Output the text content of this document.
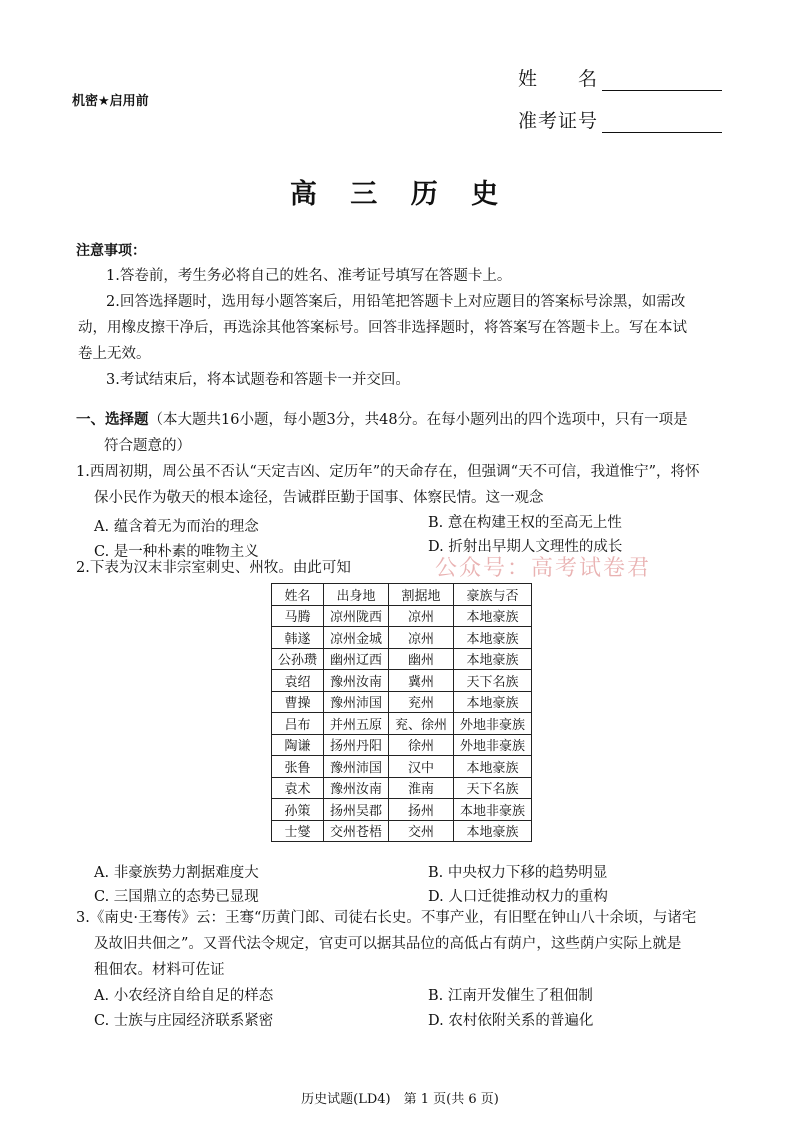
机密★启用前
姓　　名
准考证号
高 三 历 史
注意事项：
1.答卷前，考生务必将自己的姓名、准考证号填写在答题卡上。
2.回答选择题时，选用每小题答案后，用铅笔把答题卡上对应题目的答案标号涂黑，如需改
动，用橡皮擦干净后，再选涂其他答案标号。回答非选择题时，将答案写在答题卡上。写在本试
卷上无效。
3.考试结束后，将本试题卷和答题卡一并交回。
一、选择题（本大题共16小题，每小题3分，共48分。在每小题列出的四个选项中，只有一项是
符合题意的）
1.西周初期，周公虽不否认“天定吉凶、定历年”的天命存在，但强调“天不可信，我道惟宁”，将怀
保小民作为敬天的根本途径，告诫群臣勤于国事、体察民情。这一观念
A. 蕴含着无为而治的理念	B. 意在构建王权的至高无上性
C. 是一种朴素的唯物主义	D. 折射出早期人文理性的成长
公众号：高考试卷君
2.下表为汉末非宗室刺史、州牧。由此可知
姓名	出身地	割据地	豪族与否
马腾	凉州陇西	凉州	本地豪族
韩遂	凉州金城	凉州	本地豪族
公孙瓒	幽州辽西	幽州	本地豪族
袁绍	豫州汝南	冀州	天下名族
曹操	豫州沛国	兖州	本地豪族
吕布	并州五原	兖、徐州	外地非豪族
陶谦	扬州丹阳	徐州	外地非豪族
张鲁	豫州沛国	汉中	本地豪族
袁术	豫州汝南	淮南	天下名族
孙策	扬州吴郡	扬州	本地非豪族
士燮	交州苍梧	交州	本地豪族
A. 非豪族势力割据难度大	B. 中央权力下移的趋势明显
C. 三国鼎立的态势已显现	D. 人口迁徙推动权力的重构
3.《南史·王骞传》云：王骞“历黄门郎、司徒右长史。不事产业，有旧墅在钟山八十余顷，与诸宅
及故旧共佃之”。又晋代法令规定，官吏可以据其品位的高低占有荫户，这些荫户实际上就是
租佃农。材料可佐证
A. 小农经济自给自足的样态	B. 江南开发催生了租佃制
C. 士族与庄园经济联系紧密	D. 农村依附关系的普遍化
历史试题(LD4)　第 1 页(共 6 页)
